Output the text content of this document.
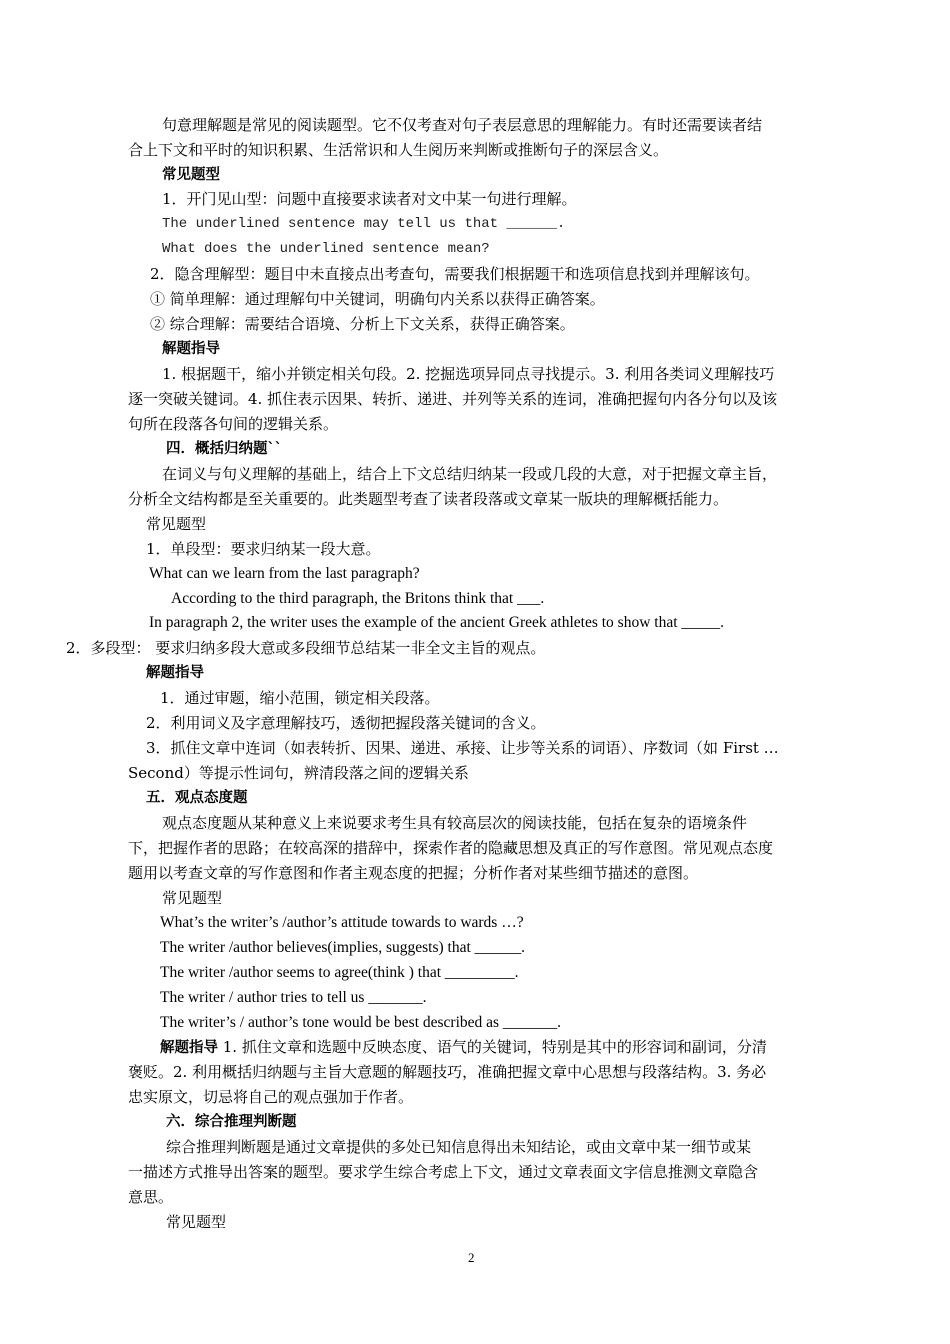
句意理解题是常见的阅读题型。它不仅考查对句子表层意思的理解能力。有时还需要读者结
合上下文和平时的知识积累、生活常识和人生阅历来判断或推断句子的深层含义。
常见题型
1．开门见山型：问题中直接要求读者对文中某一句进行理解。
The underlined sentence may tell us that ______.
What does the underlined sentence mean?
2．隐含理解型：题目中未直接点出考查句，需要我们根据题干和选项信息找到并理解该句。
① 简单理解：通过理解句中关键词，明确句内关系以获得正确答案。
② 综合理解：需要结合语境、分析上下文关系，获得正确答案。
解题指导
1. 根据题干，缩小并锁定相关句段。2. 挖掘选项异同点寻找提示。3. 利用各类词义理解技巧
逐一突破关键词。4. 抓住表示因果、转折、递进、并列等关系的连词，准确把握句内各分句以及该
句所在段落各句间的逻辑关系。
四．概括归纳题``
在词义与句义理解的基础上，结合上下文总结归纳某一段或几段的大意，对于把握文章主旨，
分析全文结构都是至关重要的。此类题型考查了读者段落或文章某一版块的理解概括能力。
常见题型
1．单段型：要求归纳某一段大意。
What can we learn from the last paragraph?
According to the third paragraph, the Britons think that ___.
In paragraph 2, the writer uses the example of the ancient Greek athletes to show that _____.
2．多段型： 要求归纳多段大意或多段细节总结某一非全文主旨的观点。
解题指导
1．通过审题，缩小范围，锁定相关段落。
2．利用词义及字意理解技巧，透彻把握段落关键词的含义。
3．抓住文章中连词（如表转折、因果、递进、承接、让步等关系的词语）、序数词（如 First …
Second）等提示性词句，辨清段落之间的逻辑关系
五．观点态度题
观点态度题从某种意义上来说要求考生具有较高层次的阅读技能，包括在复杂的语境条件
下，把握作者的思路；在较高深的措辞中，探索作者的隐藏思想及真正的写作意图。常见观点态度
题用以考查文章的写作意图和作者主观态度的把握；分析作者对某些细节描述的意图。
常见题型
What’s the writer’s /author’s attitude towards to wards …?
The writer /author believes(implies, suggests) that ______.
The writer /author seems to agree(think ) that _________.
The writer / author tries to tell us _______.
The writer’s / author’s tone would be best described as _______.
解题指导 1. 抓住文章和选题中反映态度、语气的关键词，特别是其中的形容词和副词，分清
褒贬。2. 利用概括归纳题与主旨大意题的解题技巧，准确把握文章中心思想与段落结构。3. 务必
忠实原文，切忌将自己的观点强加于作者。
六．综合推理判断题
综合推理判断题是通过文章提供的多处已知信息得出未知结论，或由文章中某一细节或某
一描述方式推导出答案的题型。要求学生综合考虑上下文，通过文章表面文字信息推测文章隐含
意思。
常见题型
2
